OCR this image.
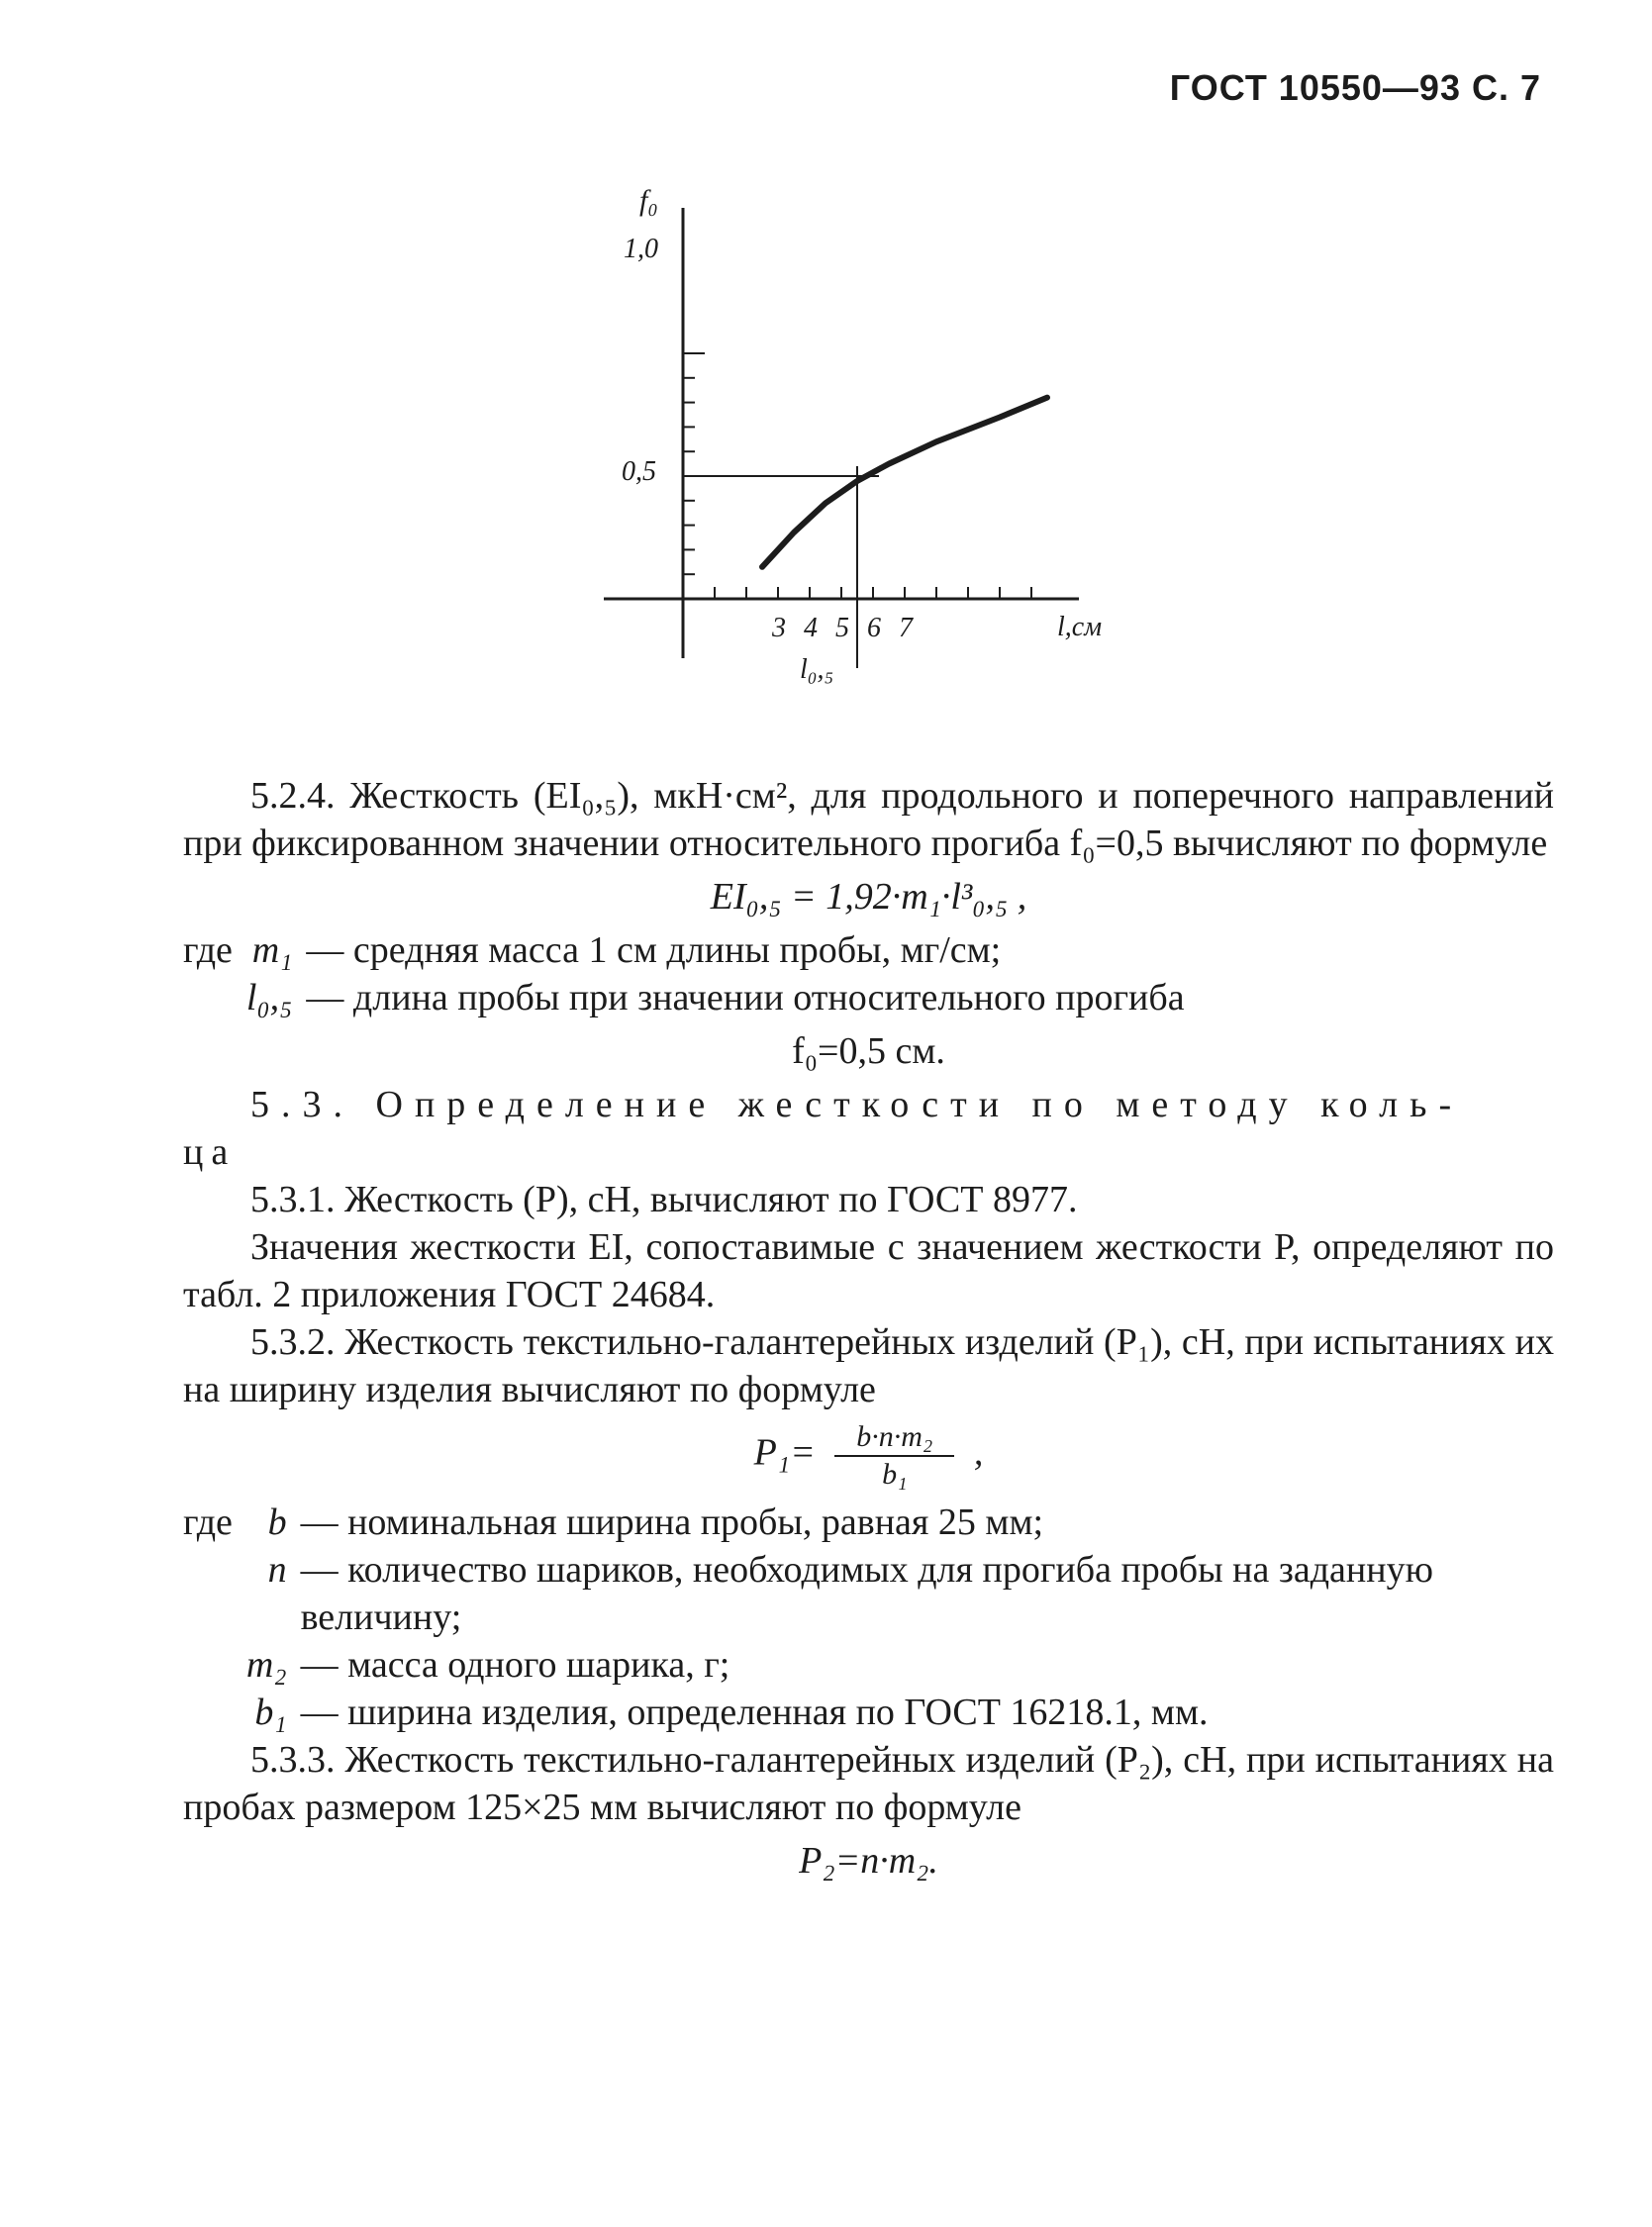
ГОСТ 10550—93 С. 7
f₀
1,0
0,5
3 4 5 6 7	l,см
l₀,₅

5.2.4. Жесткость (EI₀,₅), мкН·см², для продольного и поперечного направлений при фиксированном значении относительного прогиба f₀=0,5 вычисляют по формуле

EI₀,₅ = 1,92·m₁·l³₀,₅ ,
где m₁ — средняя масса 1 см длины пробы, мг/см;
l₀,₅ — длина пробы при значении относительного прогиба
f₀=0,5 см.

5.3. Определение жесткости по методу коль-

ца

5.3.1. Жесткость (P), сН, вычисляют по ГОСТ 8977.

Значения жесткости EI, сопоставимые с значением жесткости P, определяют по табл. 2 приложения ГОСТ 24684.

5.3.2. Жесткость текстильно-галантерейных изделий (P₁), сН, при испытаниях их на ширину изделия вычисляют по формуле

$P_1= \frac{\text{b·n·m₂}}{\text{b₁}}$ ,
где b — номинальная ширина пробы, равная 25 мм;
n — количество шариков, необходимых для прогиба пробы на заданную величину;
m₂ — масса одного шарика, г;
b₁ — ширина изделия, определенная по ГОСТ 16218.1, мм.

5.3.3. Жесткость текстильно-галантерейных изделий (P₂), сН, при испытаниях на пробах размером 125×25 мм вычисляют по формуле

P₂=n·m₂.
